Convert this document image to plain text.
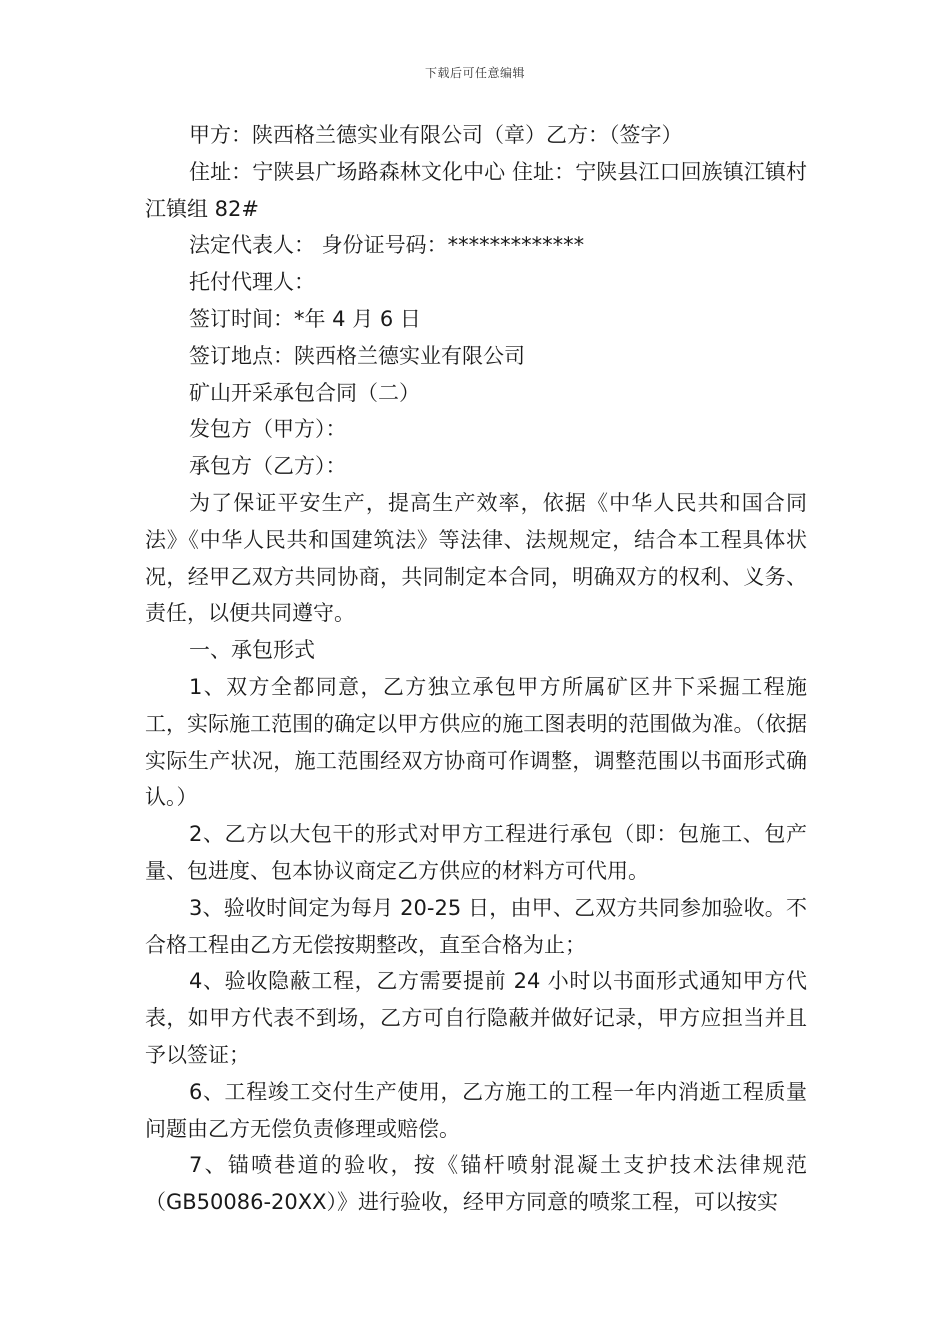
下载后可任意编辑

甲方：陕西格兰德实业有限公司（章）乙方：（签字）

住址：宁陕县广场路森林文化中心 住址：宁陕县江口回族镇江镇村江镇组 82#

法定代表人： 身份证号码：*************

托付代理人：

签订时间：*年 4 月 6 日

签订地点：陕西格兰德实业有限公司

矿山开采承包合同（二）

发包方（甲方）：

承包方（乙方）：

为了保证平安生产，提高生产效率，依据《中华人民共和国合同法》《中华人民共和国建筑法》等法律、法规规定，结合本工程具体状况，经甲乙双方共同协商，共同制定本合同，明确双方的权利、义务、责任，以便共同遵守。

一、承包形式

1、双方全都同意，乙方独立承包甲方所属矿区井下采掘工程施工，实际施工范围的确定以甲方供应的施工图表明的范围做为准。（依据实际生产状况，施工范围经双方协商可作调整，调整范围以书面形式确认。）

2、乙方以大包干的形式对甲方工程进行承包（即：包施工、包产量、包进度、包本协议商定乙方供应的材料方可代用。

3、验收时间定为每月 20-25 日，由甲、乙双方共同参加验收。不合格工程由乙方无偿按期整改，直至合格为止；

4、验收隐蔽工程，乙方需要提前 24 小时以书面形式通知甲方代表，如甲方代表不到场，乙方可自行隐蔽并做好记录，甲方应担当并且予以签证；

6、工程竣工交付生产使用，乙方施工的工程一年内消逝工程质量问题由乙方无偿负责修理或赔偿。

7、锚喷巷道的验收，按《锚杆喷射混凝土支护技术法律规范（GB50086-20XX）》进行验收，经甲方同意的喷浆工程，可以按实
